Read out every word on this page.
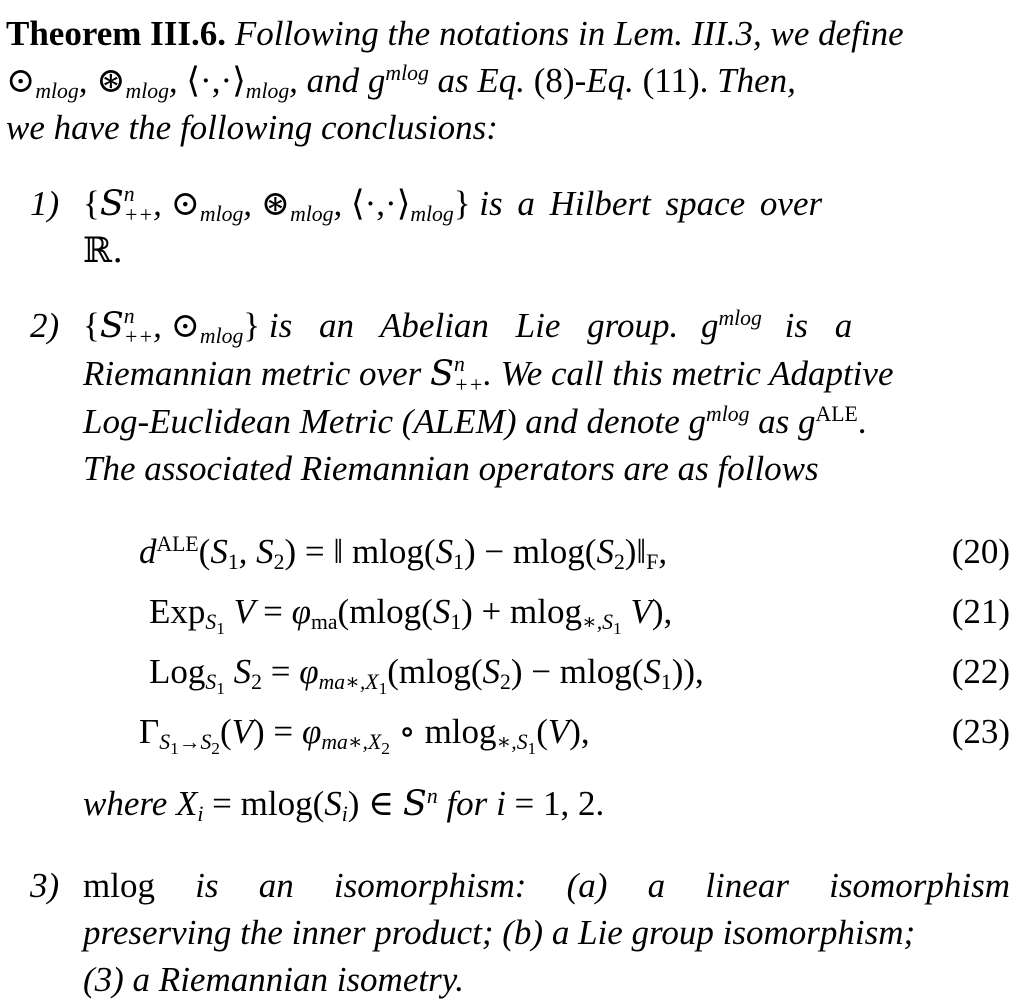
Theorem III.6. Following the notations in Lem. III.3, we define
$⊙_{mlog}$, $⊛_{mlog}$, $⟨\cdot,\cdot⟩_{mlog}$, and $g^{mlog}$ as Eq. (8)-Eq. (11). Then,
we have the following conclusions:
1) {S n
++ , $⊙_{mlog}$, $⊛_{mlog}$, $⟨\cdot,\cdot⟩_{mlog}$} is a Hilbert space over
ℝ.
2) {S n
++ , $⊙_{mlog}$} is an Abelian Lie group. $g^{mlog}$ is a
Riemannian metric over S n
++ . We call this metric Adaptive
Log-Euclidean Metric (ALEM) and denote $g^{mlog}$ as $g^{ALE}$.
The associated Riemannian operators are as follows
$d^{ALE}(S_1$, $S_2$) = ‖ $mlog(S_1)$ − $mlog(S_2)‖_F$,	(20)
Exp$_{S_1}$ $V = \varphi_{ma}(mlog(S_1) + mlog_{∗,S_1}$ V),	(21)
Log$_{S_1}$ $S_2 = \varphi_{ma∗,X_1}(mlog(S_2) - mlog(S_1))$,	(22)
$\Gamma_{S_1\to S_2}(V) = \varphi_{ma∗,X_2}$ ∘ mlog$_{∗,S_1}$(V),	(23)
where $X_i = mlog(S_i)$ ∈ $S^n$ for i = 1, 2.
3) mlog is an isomorphism: (a) a linear isomorphism
preserving the inner product; (b) a Lie group isomorphism;
(3) a Riemannian isometry.
